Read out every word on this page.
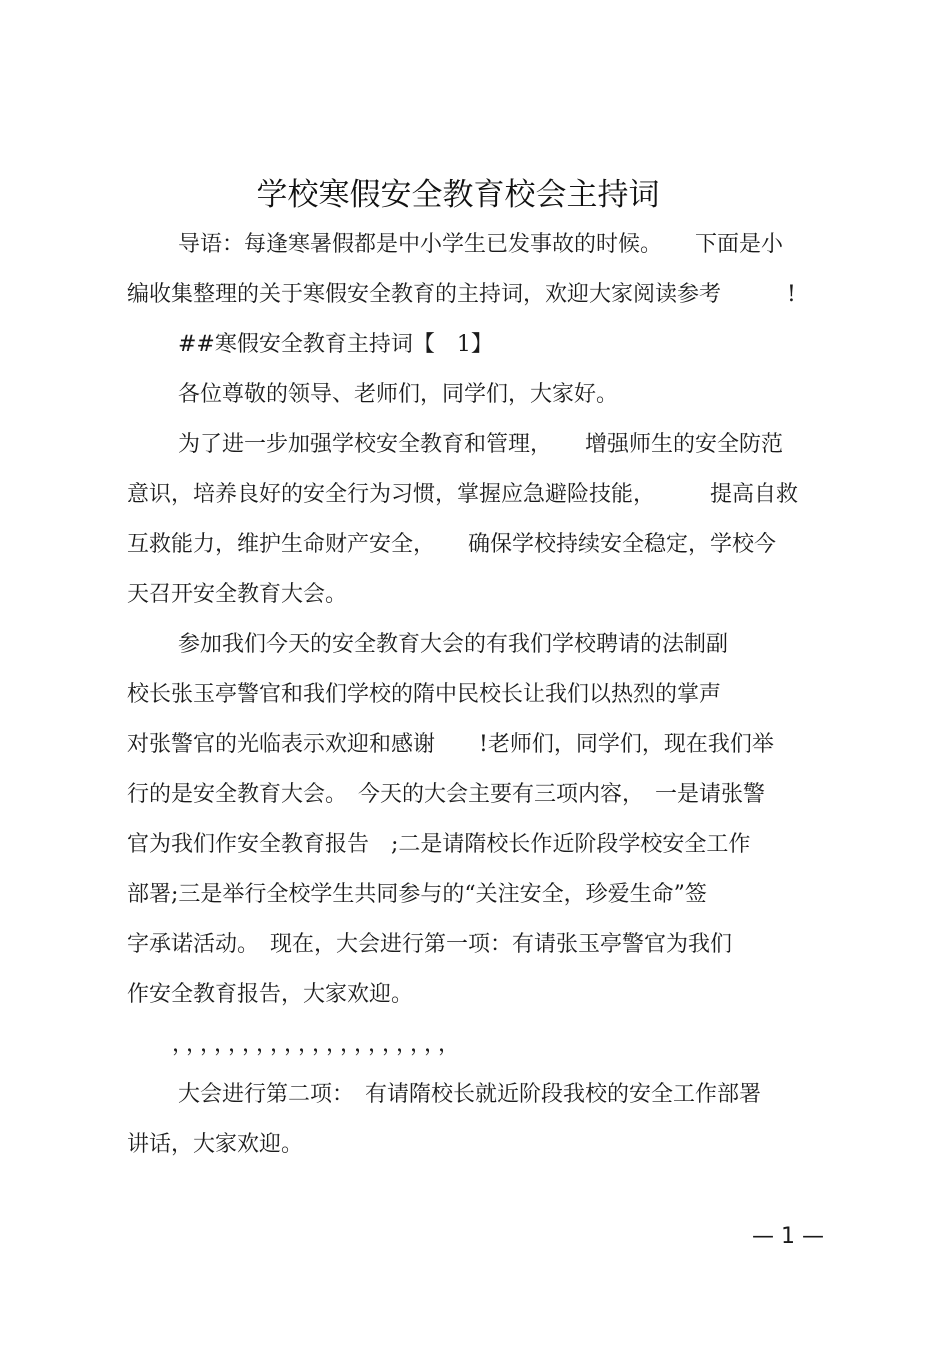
学校寒假安全教育校会主持词
导语：每逢寒暑假都是中小学生已发事故的时候。　　下面是小
编收集整理的关于寒假安全教育的主持词，欢迎大家阅读参考　　　!
##寒假安全教育主持词【　1】
各位尊敬的领导、老师们，同学们，大家好。
为了进一步加强学校安全教育和管理，　　增强师生的安全防范
意识，培养良好的安全行为习惯，掌握应急避险技能，　　　提高自救
互救能力，维护生命财产安全，　　确保学校持续安全稳定，学校今
天召开安全教育大会。
参加我们今天的安全教育大会的有我们学校聘请的法制副
校长张玉亭警官和我们学校的隋中民校长让我们以热烈的掌声
对张警官的光临表示欢迎和感谢　　!老师们，同学们，现在我们举
行的是安全教育大会。　今天的大会主要有三项内容，　一是请张警
官为我们作安全教育报告　;二是请隋校长作近阶段学校安全工作
部署;三是举行全校学生共同参与的“关注安全，珍爱生命”签
字承诺活动。　现在，大会进行第一项：有请张玉亭警官为我们
作安全教育报告，大家欢迎。
，，，，，，，，，，，，，，，，，，，，
大会进行第二项：　有请隋校长就近阶段我校的安全工作部署
讲话，大家欢迎。
— 1 —
